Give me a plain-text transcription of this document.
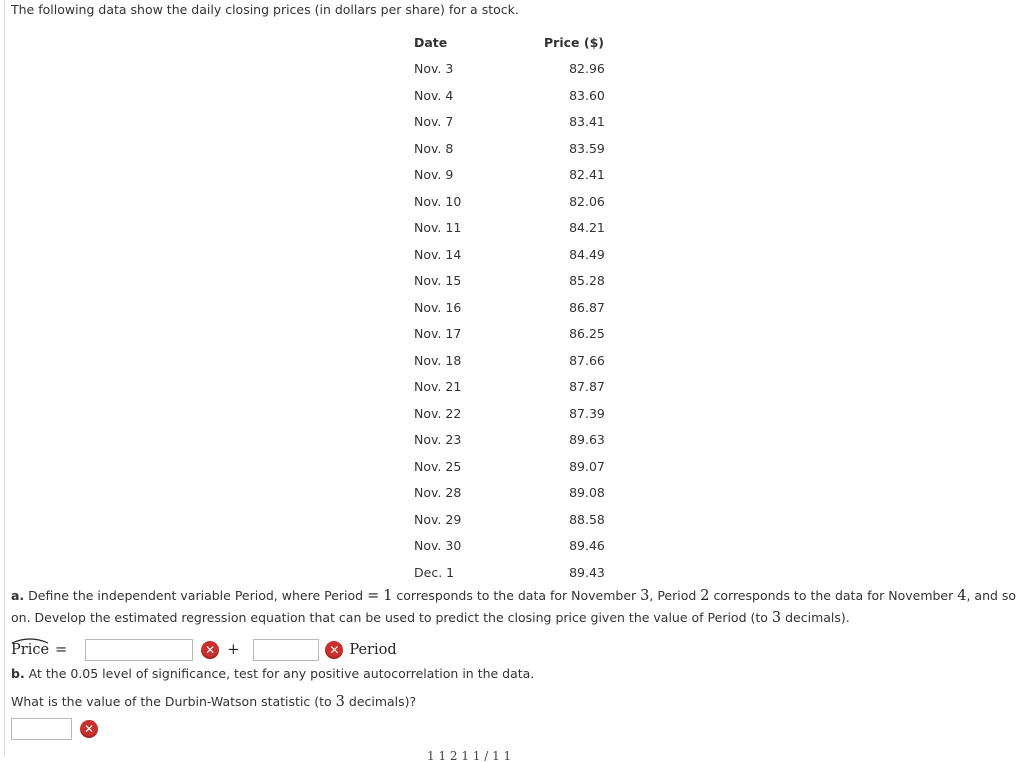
The following data show the daily closing prices (in dollars per share) for a stock.
Date	Price ($)
Nov. 3	82.96
Nov. 4	83.60
Nov. 7	83.41
Nov. 8	83.59
Nov. 9	82.41
Nov. 10	82.06
Nov. 11	84.21
Nov. 14	84.49
Nov. 15	85.28
Nov. 16	86.87
Nov. 17	86.25
Nov. 18	87.66
Nov. 21	87.87
Nov. 22	87.39
Nov. 23	89.63
Nov. 25	89.07
Nov. 28	89.08
Nov. 29	88.58
Nov. 30	89.46
Dec. 1	89.43
a. Define the independent variable Period, where Period = 1 corresponds to the data for November 3, Period 2 corresponds to the data for November 4, and so on. Develop the estimated regression equation that can be used to predict the closing price given the value of Period (to 3 decimals).
Price =	✕ +	✕ Period
b. At the 0.05 level of significance, test for any positive autocorrelation in the data.
What is the value of the Durbin-Watson statistic (to 3 decimals)?
✕
1 1 2 1 1 / 1 1
